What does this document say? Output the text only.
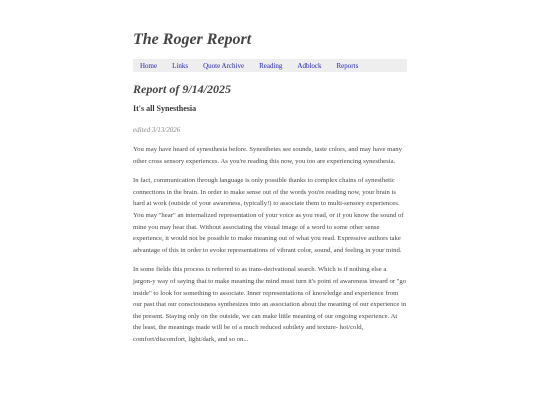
The Roger Report
Home Links Quote Archive Reading Adblock Reports
Report of 9/14/2025
It's all Synesthesia

edited 3/13/2026

You may have heard of synesthesia before. Synesthetes see sounds, taste colors, and may have many other cross sensory experiences. As you're reading this now, you too are experiencing synesthesia.

In fact, communication through language is only possible thanks to complex chains of synesthetic connections in the brain. In order to make sense out of the words you're reading now, your brain is hard at work (outside of your awareness, typically!) to associate them to multi-sensory experiences. You may "hear" an internalized representation of your voice as you read, or if you know the sound of mine you may hear that. Without associating the visual image of a word to some other sense experience, it would not be possible to make meaning out of what you read. Expressive authors take advantage of this in order to evoke representations of vibrant color, sound, and feeling in your mind.

In some fields this process is referred to as trans-derivational search. Which is if nothing else a jargon-y way of saying that to make meaning the mind must turn it's point of awareness inward or "go inside" to look for something to associate. Inner representations of knowledge and experience from our past that our consciousness synthesizes into an association about the meaning of our experience in the present. Staying only on the outside, we can make little meaning of our ongoing experience. At the least, the meanings made will be of a much reduced subtlety and texture- hot/cold, comfort/discomfort, light/dark, and so on...
